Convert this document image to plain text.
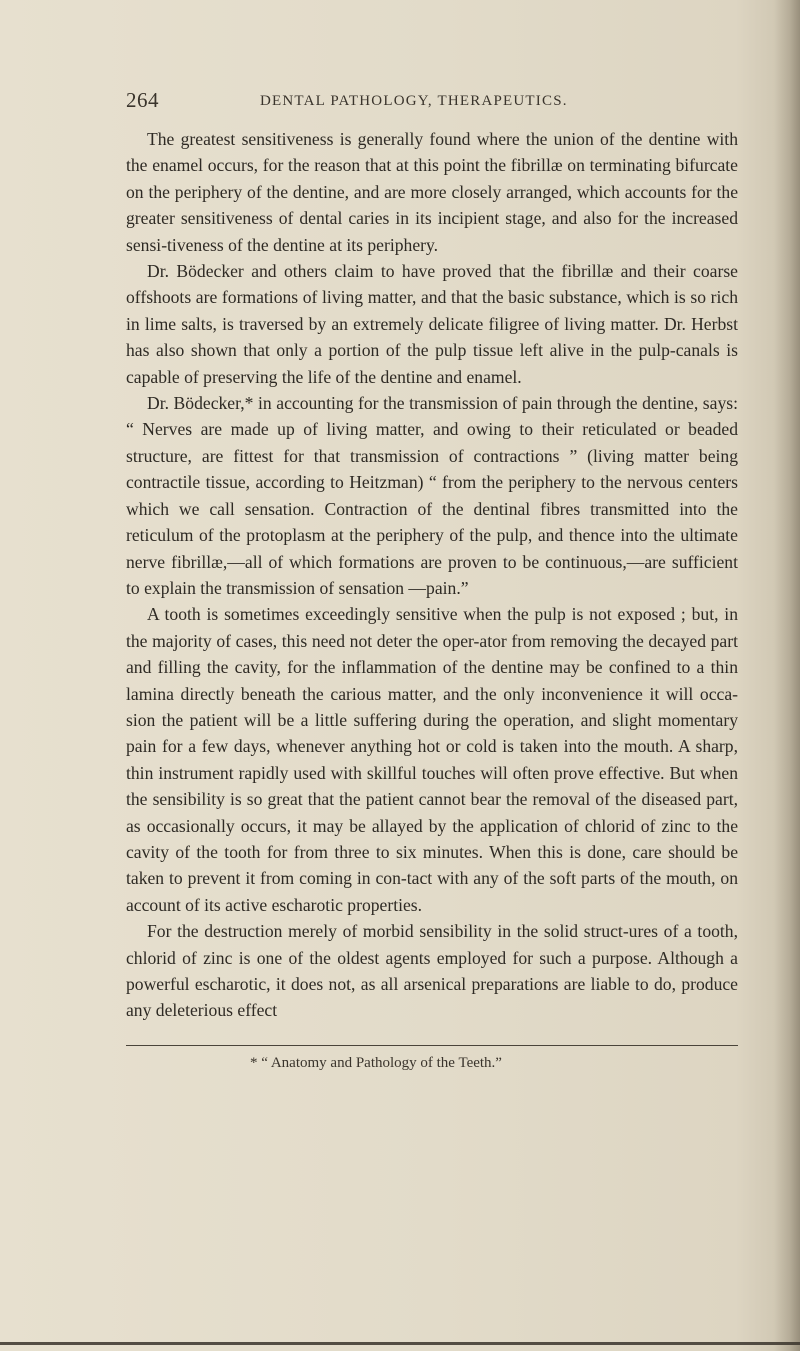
264	DENTAL PATHOLOGY, THERAPEUTICS.

The greatest sensitiveness is generally found where the union of the dentine with the enamel occurs, for the reason that at this point the fibrillæ on terminating bifurcate on the periphery of the dentine, and are more closely arranged, which accounts for the greater sensitiveness of dental caries in its incipient stage, and also for the increased sensi-tiveness of the dentine at its periphery.

Dr. Bödecker and others claim to have proved that the fibrillæ and their coarse offshoots are formations of living matter, and that the basic substance, which is so rich in lime salts, is traversed by an extremely delicate filigree of living matter. Dr. Herbst has also shown that only a portion of the pulp tissue left alive in the pulp-canals is capable of preserving the life of the dentine and enamel.

Dr. Bödecker,* in accounting for the transmission of pain through the dentine, says: “ Nerves are made up of living matter, and owing to their reticulated or beaded structure, are fittest for that transmission of contractions ” (living matter being contractile tissue, according to Heitzman) “ from the periphery to the nervous centers which we call sensation. Contraction of the dentinal fibres transmitted into the reticulum of the protoplasm at the periphery of the pulp, and thence into the ultimate nerve fibrillæ,—all of which formations are proven to be continuous,—are sufficient to explain the transmission of sensation —pain.”

A tooth is sometimes exceedingly sensitive when the pulp is not exposed ; but, in the majority of cases, this need not deter the oper-ator from removing the decayed part and filling the cavity, for the inflammation of the dentine may be confined to a thin lamina directly beneath the carious matter, and the only inconvenience it will occa-sion the patient will be a little suffering during the operation, and slight momentary pain for a few days, whenever anything hot or cold is taken into the mouth. A sharp, thin instrument rapidly used with skillful touches will often prove effective. But when the sensibility is so great that the patient cannot bear the removal of the diseased part, as occasionally occurs, it may be allayed by the application of chlorid of zinc to the cavity of the tooth for from three to six minutes. When this is done, care should be taken to prevent it from coming in con-tact with any of the soft parts of the mouth, on account of its active escharotic properties.

For the destruction merely of morbid sensibility in the solid struct-ures of a tooth, chlorid of zinc is one of the oldest agents employed for such a purpose. Although a powerful escharotic, it does not, as all arsenical preparations are liable to do, produce any deleterious effect

* “ Anatomy and Pathology of the Teeth.”
